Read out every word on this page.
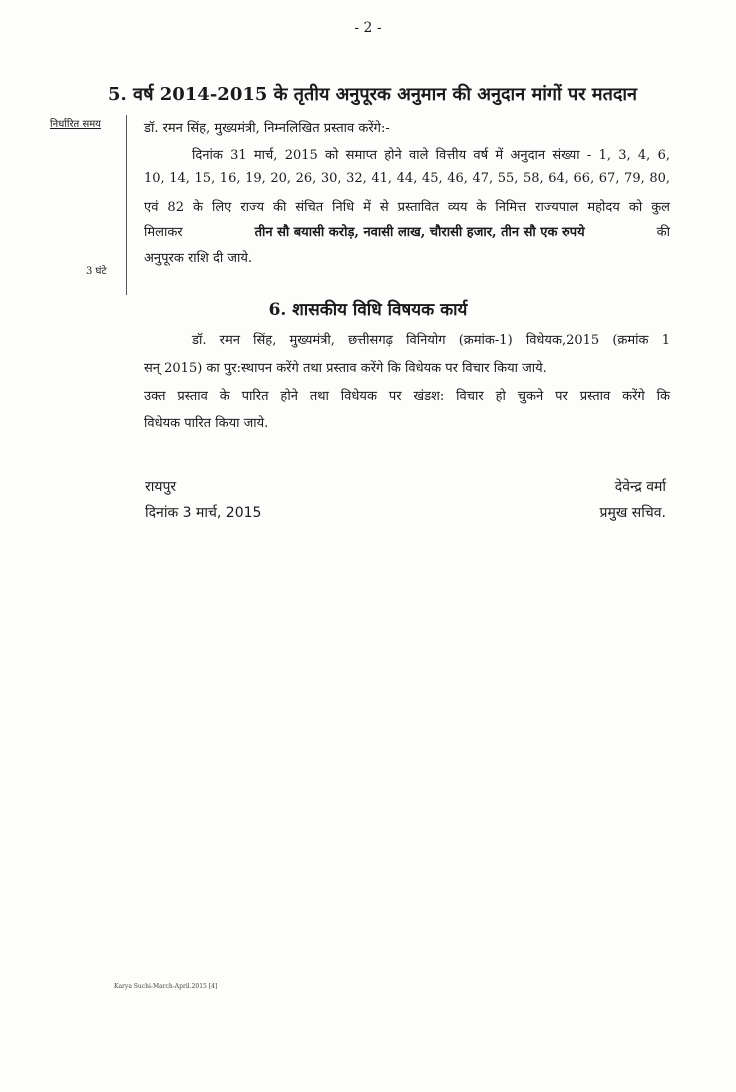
- 2 -
5. वर्ष 2014-2015 के तृतीय अनुपूरक अनुमान की अनुदान मांगों पर मतदान
निर्धारित समय
3 घंटे
डॉ. रमन सिंह, मुख्यमंत्री, निम्नलिखित प्रस्ताव करेंगे:-
दिनांक 31 मार्च, 2015 को समाप्त होने वाले वित्तीय वर्ष में अनुदान संख्या - 1, 3, 4, 6,
10, 14, 15, 16, 19, 20, 26, 30, 32, 41, 44, 45, 46, 47, 55, 58, 64, 66, 67, 79, 80,
एवं 82 के लिए राज्य की संचित निधि में से प्रस्तावित व्यय के निमित्त राज्यपाल महोदय को कुल
मिलाकर	तीन सौ बयासी करोड़, नवासी लाख, चौरासी हजार, तीन सौ एक रुपये	की
अनुपूरक राशि दी जाये.
6. शासकीय विधि विषयक कार्य
डॉ. रमन सिंह, मुख्यमंत्री, छत्तीसगढ़ विनियोग (क्रमांक-1) विधेयक,2015 (क्रमांक 1
सन् 2015) का पुर:स्थापन करेंगे तथा प्रस्ताव करेंगे कि विधेयक पर विचार किया जाये.
उक्त प्रस्ताव के पारित होने तथा विधेयक पर खंडश: विचार हो चुकने पर प्रस्ताव करेंगे कि
विधेयक पारित किया जाये.
रायपुर
दिनांक 3 मार्च, 2015
देवेन्द्र वर्मा
प्रमुख सचिव.
Karya Suchi-March-April.2015 [4]
